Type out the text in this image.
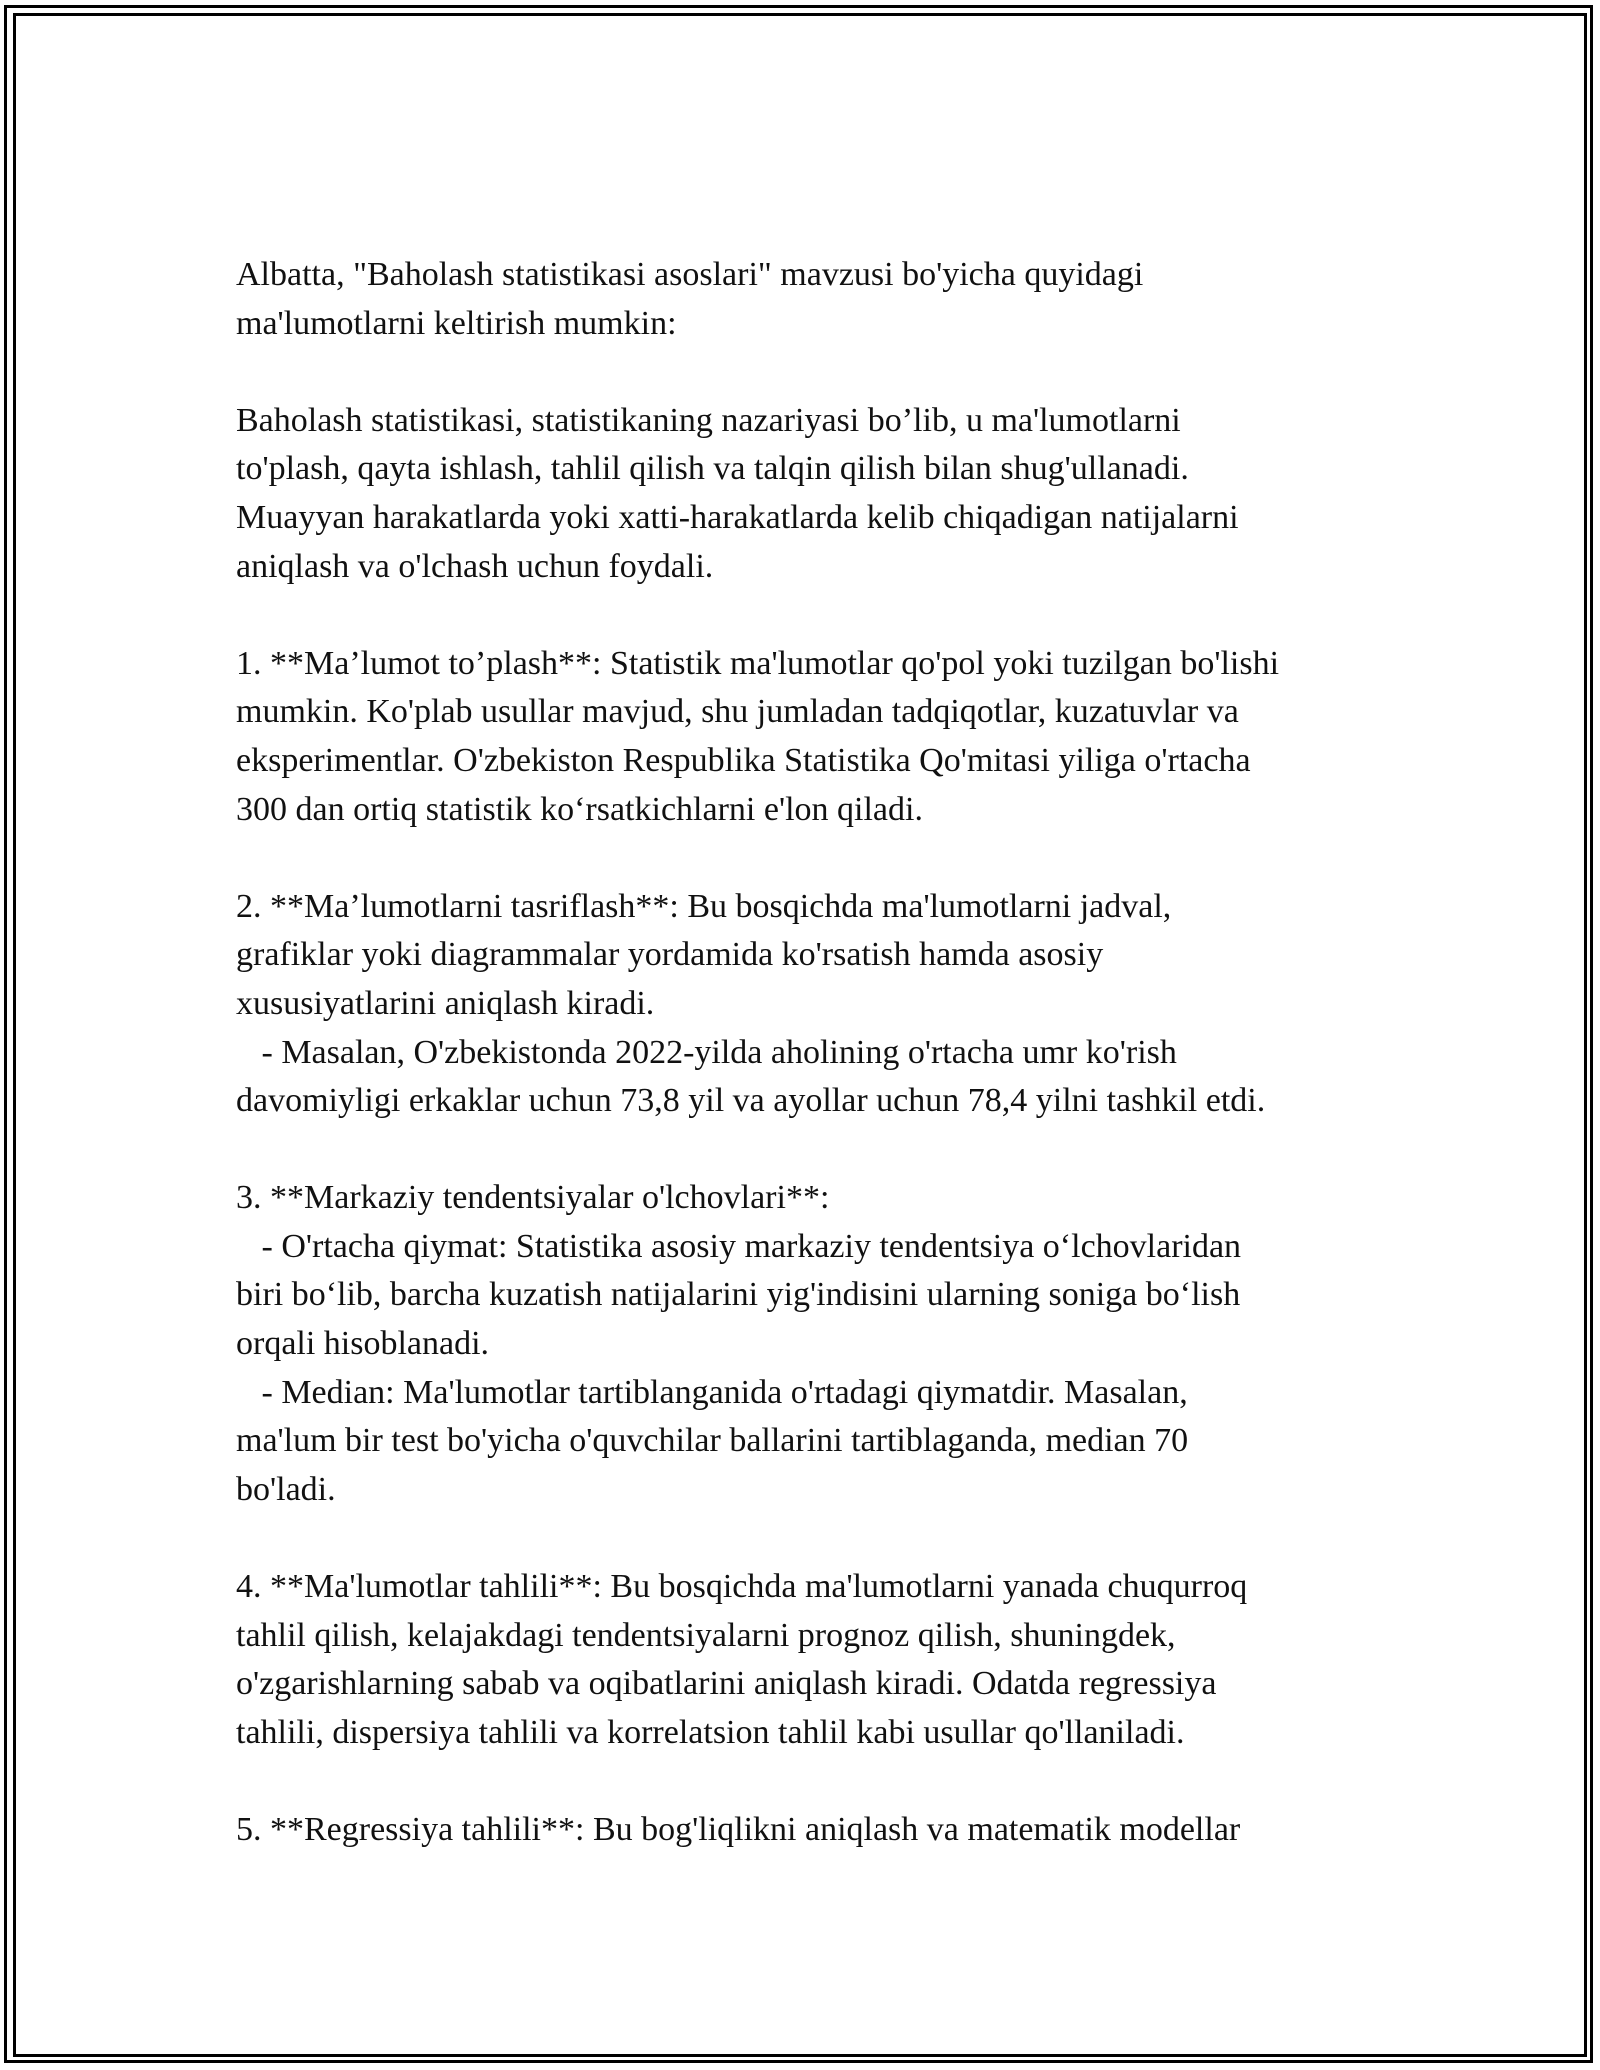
Albatta, "Baholash statistikasi asoslari" mavzusi bo'yicha quyidagi
ma'lumotlarni keltirish mumkin:

Baholash statistikasi, statistikaning nazariyasi bo’lib, u ma'lumotlarni
to'plash, qayta ishlash, tahlil qilish va talqin qilish bilan shug'ullanadi.
Muayyan harakatlarda yoki xatti-harakatlarda kelib chiqadigan natijalarni
aniqlash va o'lchash uchun foydali.

1. **Ma’lumot to’plash**: Statistik ma'lumotlar qo'pol yoki tuzilgan bo'lishi
mumkin. Ko'plab usullar mavjud, shu jumladan tadqiqotlar, kuzatuvlar va
eksperimentlar. O'zbekiston Respublika Statistika Qo'mitasi yiliga o'rtacha
300 dan ortiq statistik ko‘rsatkichlarni e'lon qiladi.

2. **Ma’lumotlarni tasriflash**: Bu bosqichda ma'lumotlarni jadval,
grafiklar yoki diagrammalar yordamida ko'rsatish hamda asosiy
xususiyatlarini aniqlash kiradi.
- Masalan, O'zbekistonda 2022-yilda aholining o'rtacha umr ko'rish
davomiyligi erkaklar uchun 73,8 yil va ayollar uchun 78,4 yilni tashkil etdi.

3. **Markaziy tendentsiyalar o'lchovlari**:
- O'rtacha qiymat: Statistika asosiy markaziy tendentsiya o‘lchovlaridan
biri bo‘lib, barcha kuzatish natijalarini yig'indisini ularning soniga bo‘lish
orqali hisoblanadi.
- Median: Ma'lumotlar tartiblanganida o'rtadagi qiymatdir. Masalan,
ma'lum bir test bo'yicha o'quvchilar ballarini tartiblaganda, median 70
bo'ladi.

4. **Ma'lumotlar tahlili**: Bu bosqichda ma'lumotlarni yanada chuqurroq
tahlil qilish, kelajakdagi tendentsiyalarni prognoz qilish, shuningdek,
o'zgarishlarning sabab va oqibatlarini aniqlash kiradi. Odatda regressiya
tahlili, dispersiya tahlili va korrelatsion tahlil kabi usullar qo'llaniladi.

5. **Regressiya tahlili**: Bu bog'liqlikni aniqlash va matematik modellar
